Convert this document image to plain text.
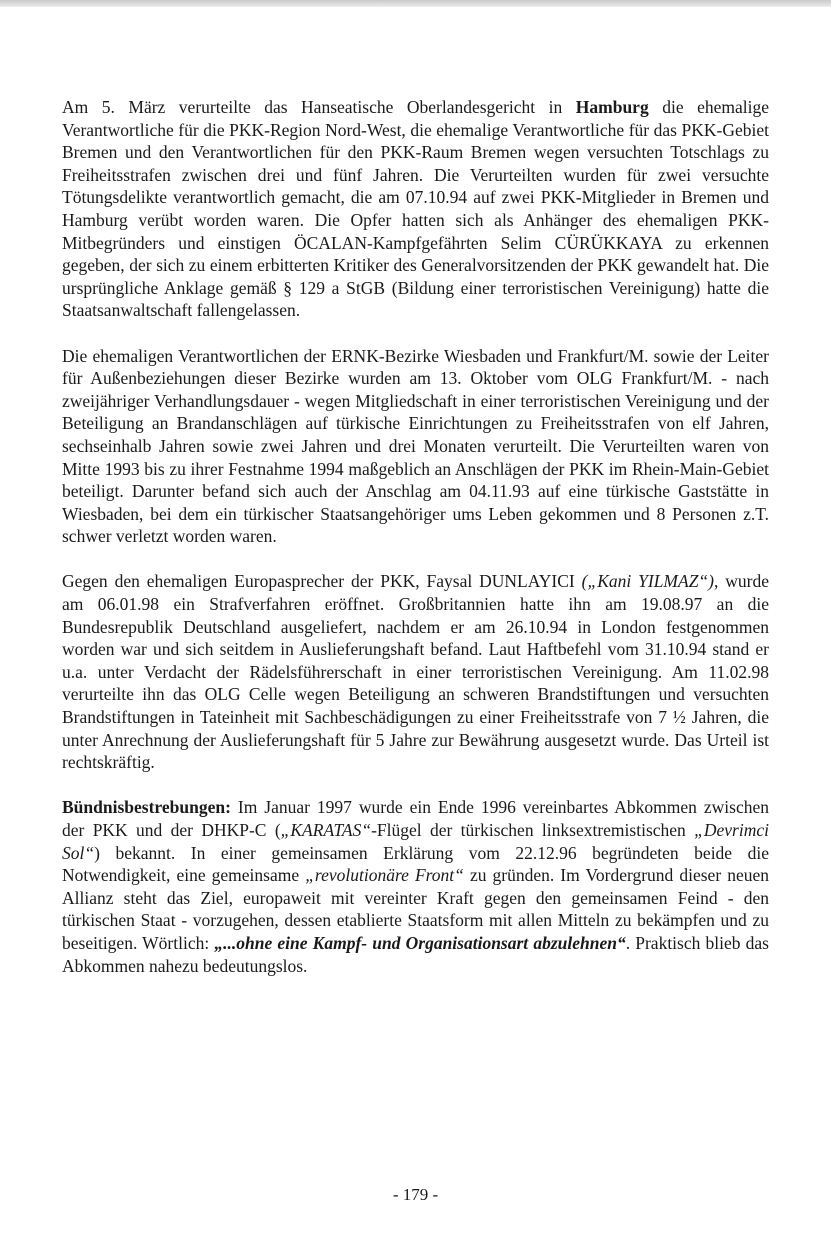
Am 5. März verurteilte das Hanseatische Oberlandesgericht in Hamburg die ehemalige Verantwortliche für die PKK-Region Nord-West, die ehemalige Verantwortliche für das PKK-Gebiet Bremen und den Verantwortlichen für den PKK-Raum Bremen wegen versuchten Totschlags zu Freiheitsstrafen zwischen drei und fünf Jahren. Die Verurteilten wurden für zwei versuchte Tötungsdelikte verantwortlich gemacht, die am 07.10.94 auf zwei PKK-Mitglieder in Bremen und Hamburg verübt worden waren. Die Opfer hatten sich als Anhänger des ehemaligen PKK-Mitbegründers und einstigen ÖCALAN-Kampfgefährten Selim CÜRÜKKAYA zu erkennen gegeben, der sich zu einem erbitterten Kritiker des Generalvorsitzenden der PKK gewandelt hat. Die ursprüngliche Anklage gemäß § 129 a StGB (Bildung einer terroristischen Vereinigung) hatte die Staatsanwaltschaft fallengelassen.

Die ehemaligen Verantwortlichen der ERNK-Bezirke Wiesbaden und Frankfurt/M. sowie der Leiter für Außenbeziehungen dieser Bezirke wurden am 13. Oktober vom OLG Frankfurt/M. - nach zweijähriger Verhandlungsdauer - wegen Mitgliedschaft in einer terroristischen Vereinigung und der Beteiligung an Brandanschlägen auf türkische Einrichtungen zu Freiheitsstrafen von elf Jahren, sechseinhalb Jahren sowie zwei Jahren und drei Monaten verurteilt. Die Verurteilten waren von Mitte 1993 bis zu ihrer Festnahme 1994 maßgeblich an Anschlägen der PKK im Rhein-Main-Gebiet beteiligt. Darunter befand sich auch der Anschlag am 04.11.93 auf eine türkische Gaststätte in Wiesbaden, bei dem ein türkischer Staatsangehöriger ums Leben gekommen und 8 Personen z.T. schwer verletzt worden waren.

Gegen den ehemaligen Europasprecher der PKK, Faysal DUNLAYICI („Kani YILMAZ“), wurde am 06.01.98 ein Strafverfahren eröffnet. Großbritannien hatte ihn am 19.08.97 an die Bundesrepublik Deutschland ausgeliefert, nachdem er am 26.10.94 in London festgenommen worden war und sich seitdem in Auslieferungshaft befand. Laut Haftbefehl vom 31.10.94 stand er u.a. unter Verdacht der Rädelsführerschaft in einer terroristischen Vereinigung. Am 11.02.98 verurteilte ihn das OLG Celle wegen Beteiligung an schweren Brandstiftungen und versuchten Brandstiftungen in Tateinheit mit Sachbeschädigungen zu einer Freiheitsstrafe von 7 ½ Jahren, die unter Anrechnung der Auslieferungshaft für 5 Jahre zur Bewährung ausgesetzt wurde. Das Urteil ist rechtskräftig.

Bündnisbestrebungen: Im Januar 1997 wurde ein Ende 1996 vereinbartes Abkommen zwischen der PKK und der DHKP-C („KARATAS“-Flügel der türkischen linksextremistischen „Devrimci Sol“) bekannt. In einer gemeinsamen Erklärung vom 22.12.96 begründeten beide die Notwendigkeit, eine gemeinsame „revolutionäre Front“ zu gründen. Im Vordergrund dieser neuen Allianz steht das Ziel, europaweit mit vereinter Kraft gegen den gemeinsamen Feind - den türkischen Staat - vorzugehen, dessen etablierte Staatsform mit allen Mitteln zu bekämpfen und zu beseitigen. Wörtlich: „...ohne eine Kampf- und Organisationsart abzulehnen“. Praktisch blieb das Abkommen nahezu bedeutungslos.

- 179 -
